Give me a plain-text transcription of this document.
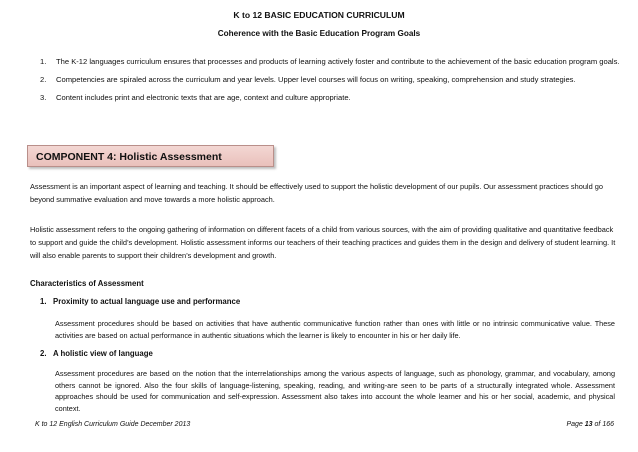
K to 12 BASIC EDUCATION CURRICULUM
Coherence with the Basic Education Program Goals
1. The K-12 languages curriculum ensures that processes and products of learning actively foster and contribute to the achievement of the basic education program goals.
2. Competencies are spiraled across the curriculum and year levels. Upper level courses will focus on writing, speaking, comprehension and study strategies.
3. Content includes print and electronic texts that are age, context and culture appropriate.
COMPONENT 4: Holistic Assessment

Assessment is an important aspect of learning and teaching. It should be effectively used to support the holistic development of our pupils. Our assessment practices should go beyond summative evaluation and move towards a more holistic approach.

Holistic assessment refers to the ongoing gathering of information on different facets of a child from various sources, with the aim of providing qualitative and quantitative feedback to support and guide the child’s development. Holistic assessment informs our teachers of their teaching practices and guides them in the design and delivery of student learning. It will also enable parents to support their children’s development and growth.

Characteristics of Assessment
1. Proximity to actual language use and performance

Assessment procedures should be based on activities that have authentic communicative function rather than ones with little or no intrinsic communicative value. These activities are based on actual performance in authentic situations which the learner is likely to encounter in his or her daily life.

2. A holistic view of language

Assessment procedures are based on the notion that the interrelationships among the various aspects of language, such as phonology, grammar, and vocabulary, among others cannot be ignored. Also the four skills of language-listening, speaking, reading, and writing-are seen to be parts of a structurally integrated whole. Assessment approaches should be used for communication and self-expression. Assessment also takes into account the whole learner and his or her social, academic, and physical context.

K to 12 English Curriculum Guide December 2013	Page 13 of 166
